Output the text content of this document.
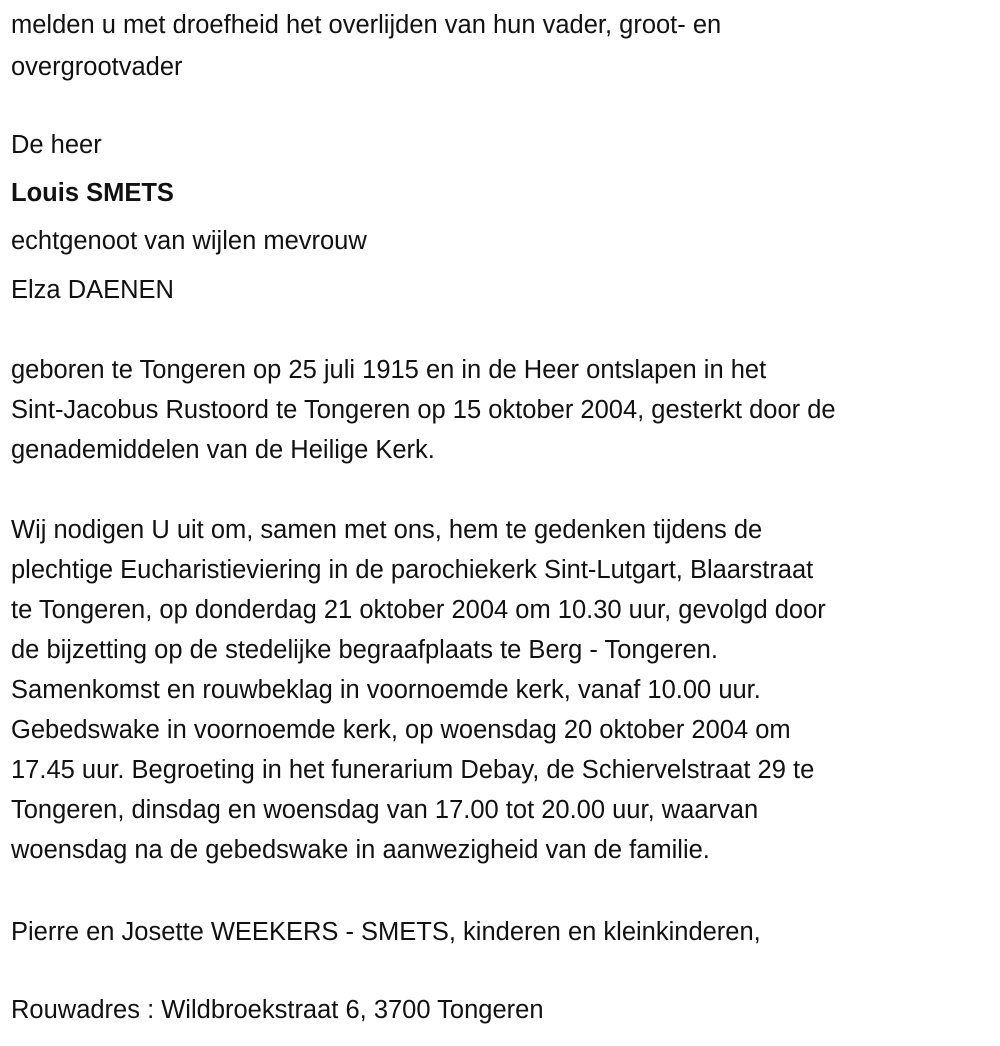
melden u met droefheid het overlijden van hun vader, groot- en
overgrootvader
De heer
Louis SMETS
echtgenoot van wijlen mevrouw
Elza DAENEN
geboren te Tongeren op 25 juli 1915 en in de Heer ontslapen in het
Sint-Jacobus Rustoord te Tongeren op 15 oktober 2004, gesterkt door de
genademiddelen van de Heilige Kerk.
Wij nodigen U uit om, samen met ons, hem te gedenken tijdens de
plechtige Eucharistieviering in de parochiekerk Sint-Lutgart, Blaarstraat
te Tongeren, op donderdag 21 oktober 2004 om 10.30 uur, gevolgd door
de bijzetting op de stedelijke begraafplaats te Berg - Tongeren.
Samenkomst en rouwbeklag in voornoemde kerk, vanaf 10.00 uur.
Gebedswake in voornoemde kerk, op woensdag 20 oktober 2004 om
17.45 uur. Begroeting in het funerarium Debay, de Schiervelstraat 29 te
Tongeren, dinsdag en woensdag van 17.00 tot 20.00 uur, waarvan
woensdag na de gebedswake in aanwezigheid van de familie.
Pierre en Josette WEEKERS - SMETS, kinderen en kleinkinderen,
Rouwadres : Wildbroekstraat 6, 3700 Tongeren
